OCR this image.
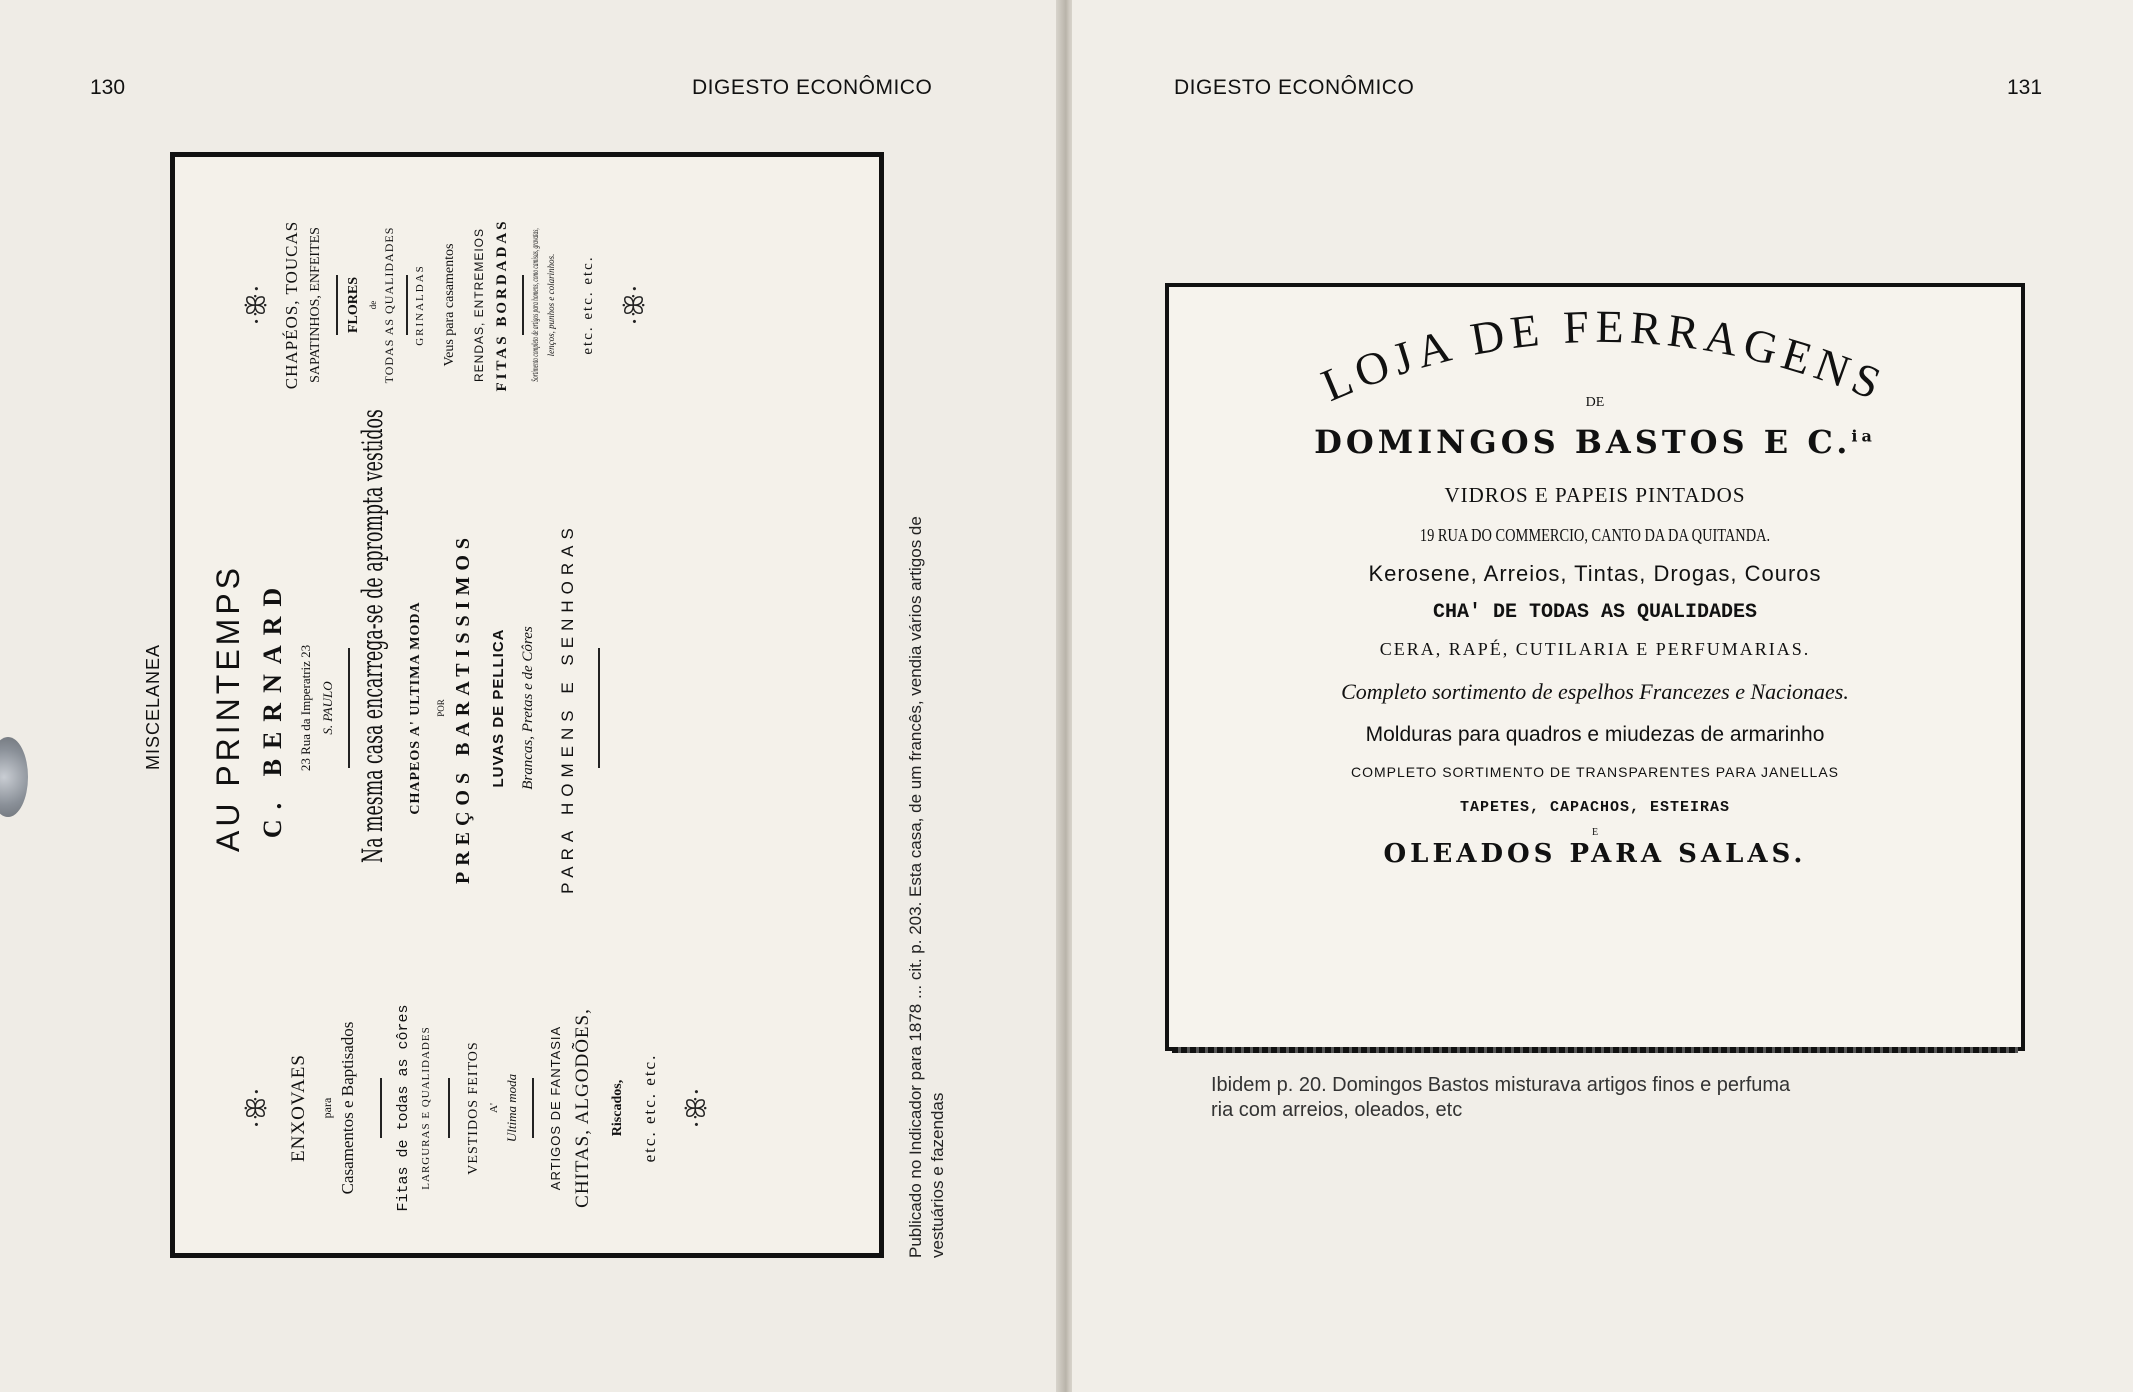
130	DIGESTO ECONÔMICO	DIGESTO ECONÔMICO	131
MISCELANEA
·ꕥ· ENXOVAES para Casamentos e Baptisados	Fitas de todas as côres LARGURAS E QUALIDADES VESTIDOS FEITOS A' Ultima moda ARTIGOS DE FANTASIA CHITAS, ALGODÕES, Riscados, etc. etc. etc. ·ꕥ·
AU PRINTEMPS C. BERNARD 23 Rua da Imperatriz 23 S. PAULO Na mesma casa encarrega-se de aprompta vestidos CHAPEOS A' ULTIMA MODA POR PREÇOS BARATISSIMOS LUVAS DE PELLICA Brancas, Pretas e de Côres PARA HOMENS E SENHORAS
·ꕥ· CHAPÉOS, TOUCAS SAPATINHOS, ENFEITES FLORES de TODAS AS QUALIDADES GRINALDAS Veus para casamentos RENDAS, ENTREMEIOS FITAS BORDADAS Sortimento completo de artigos para homens, como camisas, gravatas, lenços, punhos e colarinhos. etc. etc. etc. ·ꕥ·
Publicado no Indicador para 1878 ... cit. p. 203. Esta casa, de um francês, vendia vários artigos de vestuários e fazendas
LOJA DE FERRAGENS
DE
DOMINGOS BASTOS E C.$^{ia}$
VIDROS E PAPEIS PINTADOS
19 RUA DO COMMERCIO, CANTO DA DA QUITANDA.
Kerosene, Arreios, Tintas, Drogas, Couros
CHA' DE TODAS AS QUALIDADES
CERA, RAPÉ, CUTILARIA E PERFUMARIAS.
Completo sortimento de espelhos Francezes e Nacionaes.
Molduras para quadros e miudezas de armarinho
COMPLETO SORTIMENTO DE TRANSPARENTES PARA JANELLAS
TAPETES, CAPACHOS, ESTEIRAS
E
OLEADOS PARA SALAS.
Ibidem p. 20. Domingos Bastos misturava artigos finos e perfuma
ria com arreios, oleados, etc
